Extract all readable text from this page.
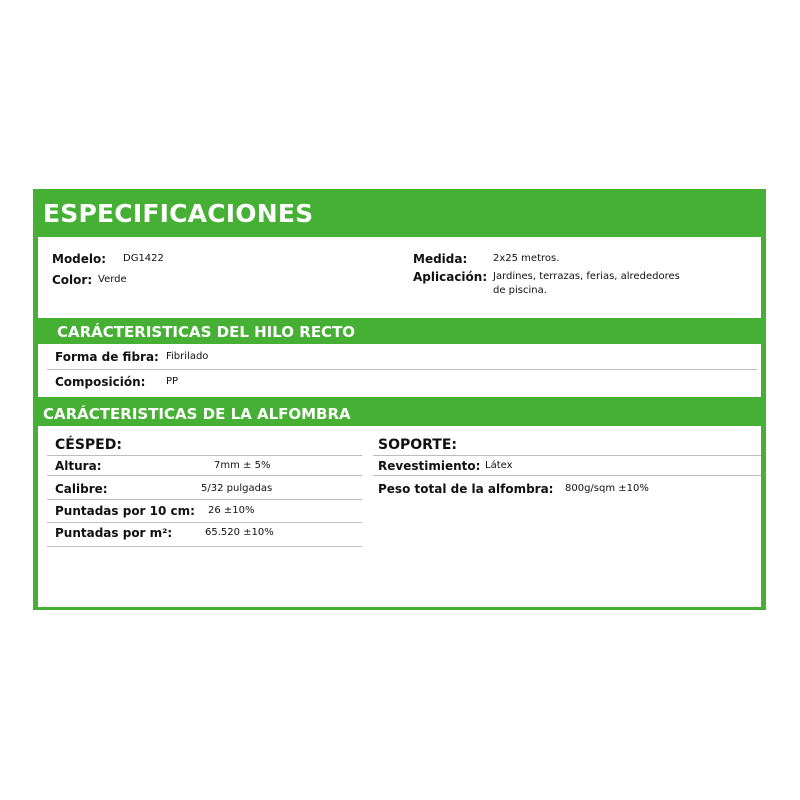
ESPECIFICACIONES
Modelo: DG1422
Color: Verde
Medida:	2x25 metros.
Aplicación: Jardines, terrazas, ferias, alrededores
de piscina.
CARÁCTERISTICAS DEL HILO RECTO
Forma de fibra: Fibrilado
Composición: PP
CARÁCTERISTICAS DE LA ALFOMBRA
CÉSPED:
Altura:	7mm ± 5%
Calibre:	5/32 pulgadas
Puntadas por 10 cm: 26 ±10%
Puntadas por m²:	65.520 ±10%
SOPORTE:
Revestimiento: Látex
Peso total de la alfombra: 800g/sqm ±10%
